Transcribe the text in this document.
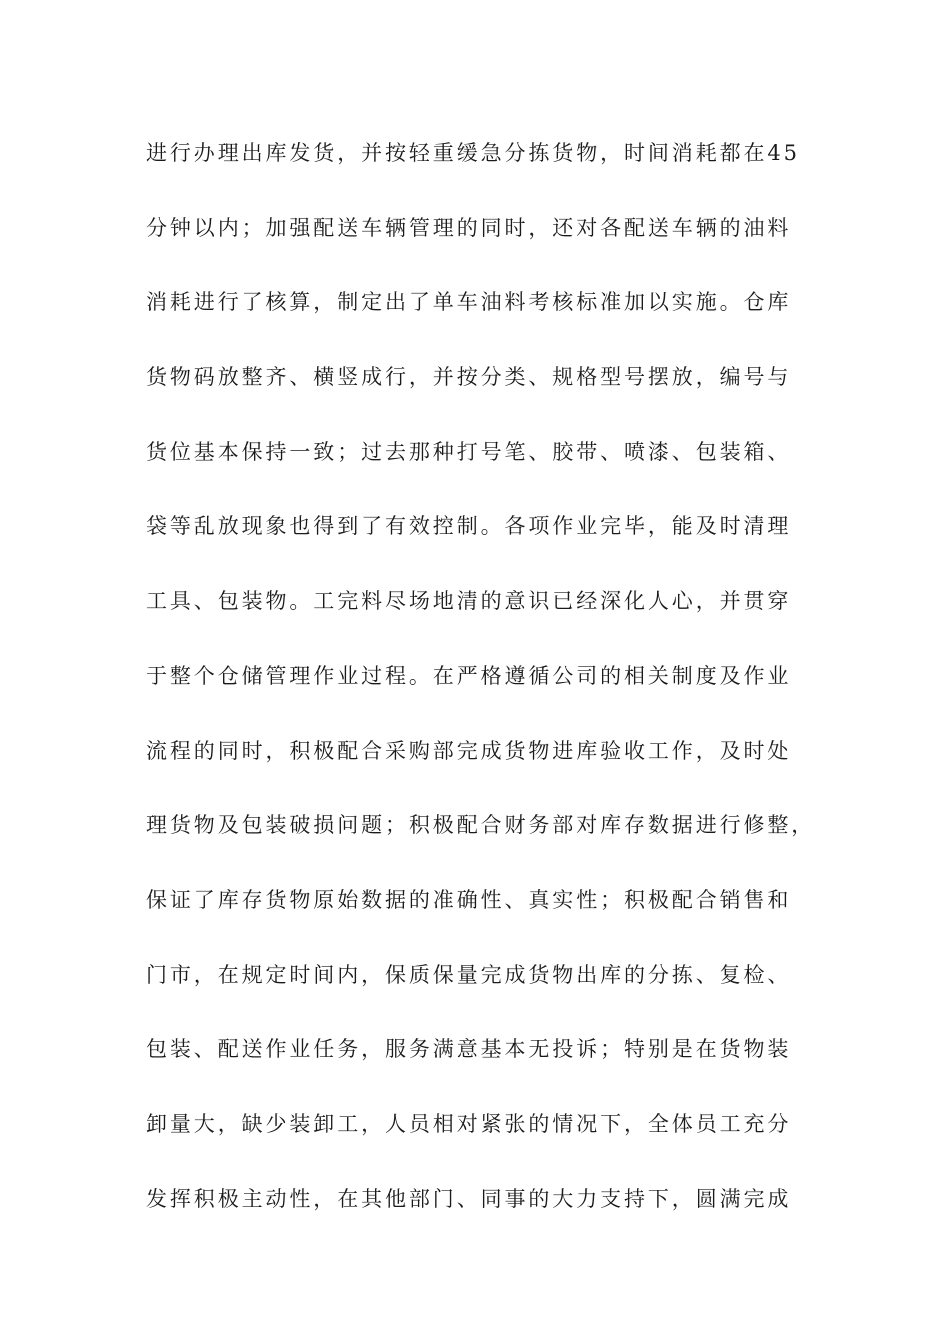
进行办理出库发货，并按轻重缓急分拣货物，时间消耗都在45
分钟以内；加强配送车辆管理的同时，还对各配送车辆的油料
消耗进行了核算，制定出了单车油料考核标准加以实施。仓库
货物码放整齐、横竖成行，并按分类、规格型号摆放，编号与
货位基本保持一致；过去那种打号笔、胶带、喷漆、包装箱、
袋等乱放现象也得到了有效控制。各项作业完毕，能及时清理
工具、包装物。工完料尽场地清的意识已经深化人心，并贯穿
于整个仓储管理作业过程。在严格遵循公司的相关制度及作业
流程的同时，积极配合采购部完成货物进库验收工作，及时处
理货物及包装破损问题；积极配合财务部对库存数据进行修整，
保证了库存货物原始数据的准确性、真实性；积极配合销售和
门市，在规定时间内，保质保量完成货物出库的分拣、复检、
包装、配送作业任务，服务满意基本无投诉；特别是在货物装
卸量大，缺少装卸工，人员相对紧张的情况下，全体员工充分
发挥积极主动性，在其他部门、同事的大力支持下，圆满完成
